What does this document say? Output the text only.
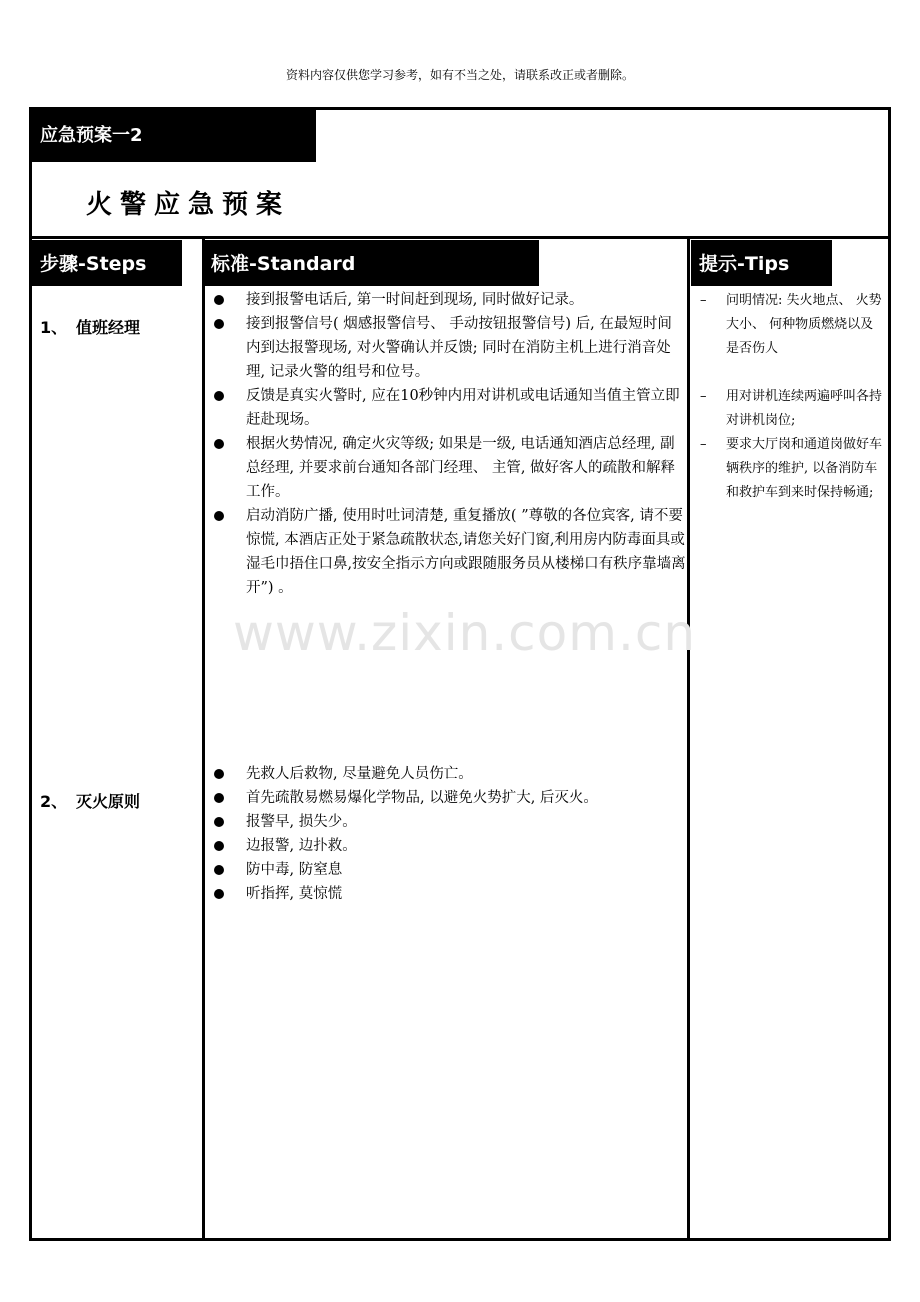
资料内容仅供您学习参考，如有不当之处，请联系改正或者删除。
应急预案一2
火警应急预案
步骤-Steps	标准-Standard	提示-Tips
www.zixin.com.cn
1、 值班经理
2、 灭火原则
接到报警电话后, 第一时间赶到现场, 同时做好记录。
接到报警信号( 烟感报警信号、 手动按钮报警信号) 后, 在最短时间内到达报警现场, 对火警确认并反馈; 同时在消防主机上进行消音处理, 记录火警的组号和位号。
反馈是真实火警时, 应在10秒钟内用对讲机或电话通知当值主管立即赶赴现场。
根据火势情况, 确定火灾等级; 如果是一级, 电话通知酒店总经理, 副总经理, 并要求前台通知各部门经理、 主管, 做好客人的疏散和解释工作。
启动消防广播, 使用时吐词清楚, 重复播放( ”尊敬的各位宾客, 请不要惊慌, 本酒店正处于紧急疏散状态,请您关好门窗,利用房内防毒面具或湿毛巾捂住口鼻,按安全指示方向或跟随服务员从楼梯口有秩序靠墙离开”) 。
先救人后救物, 尽量避免人员伤亡。
首先疏散易燃易爆化学物品, 以避免火势扩大, 后灭火。
报警早, 损失少。
边报警, 边扑救。
防中毒, 防窒息
听指挥, 莫惊慌
– 问明情况: 失火地点、 火势大小、 何种物质燃烧以及是否伤人
– 用对讲机连续两遍呼叫各持对讲机岗位;
– 要求大厅岗和通道岗做好车辆秩序的维护, 以备消防车和救护车到来时保持畅通;
